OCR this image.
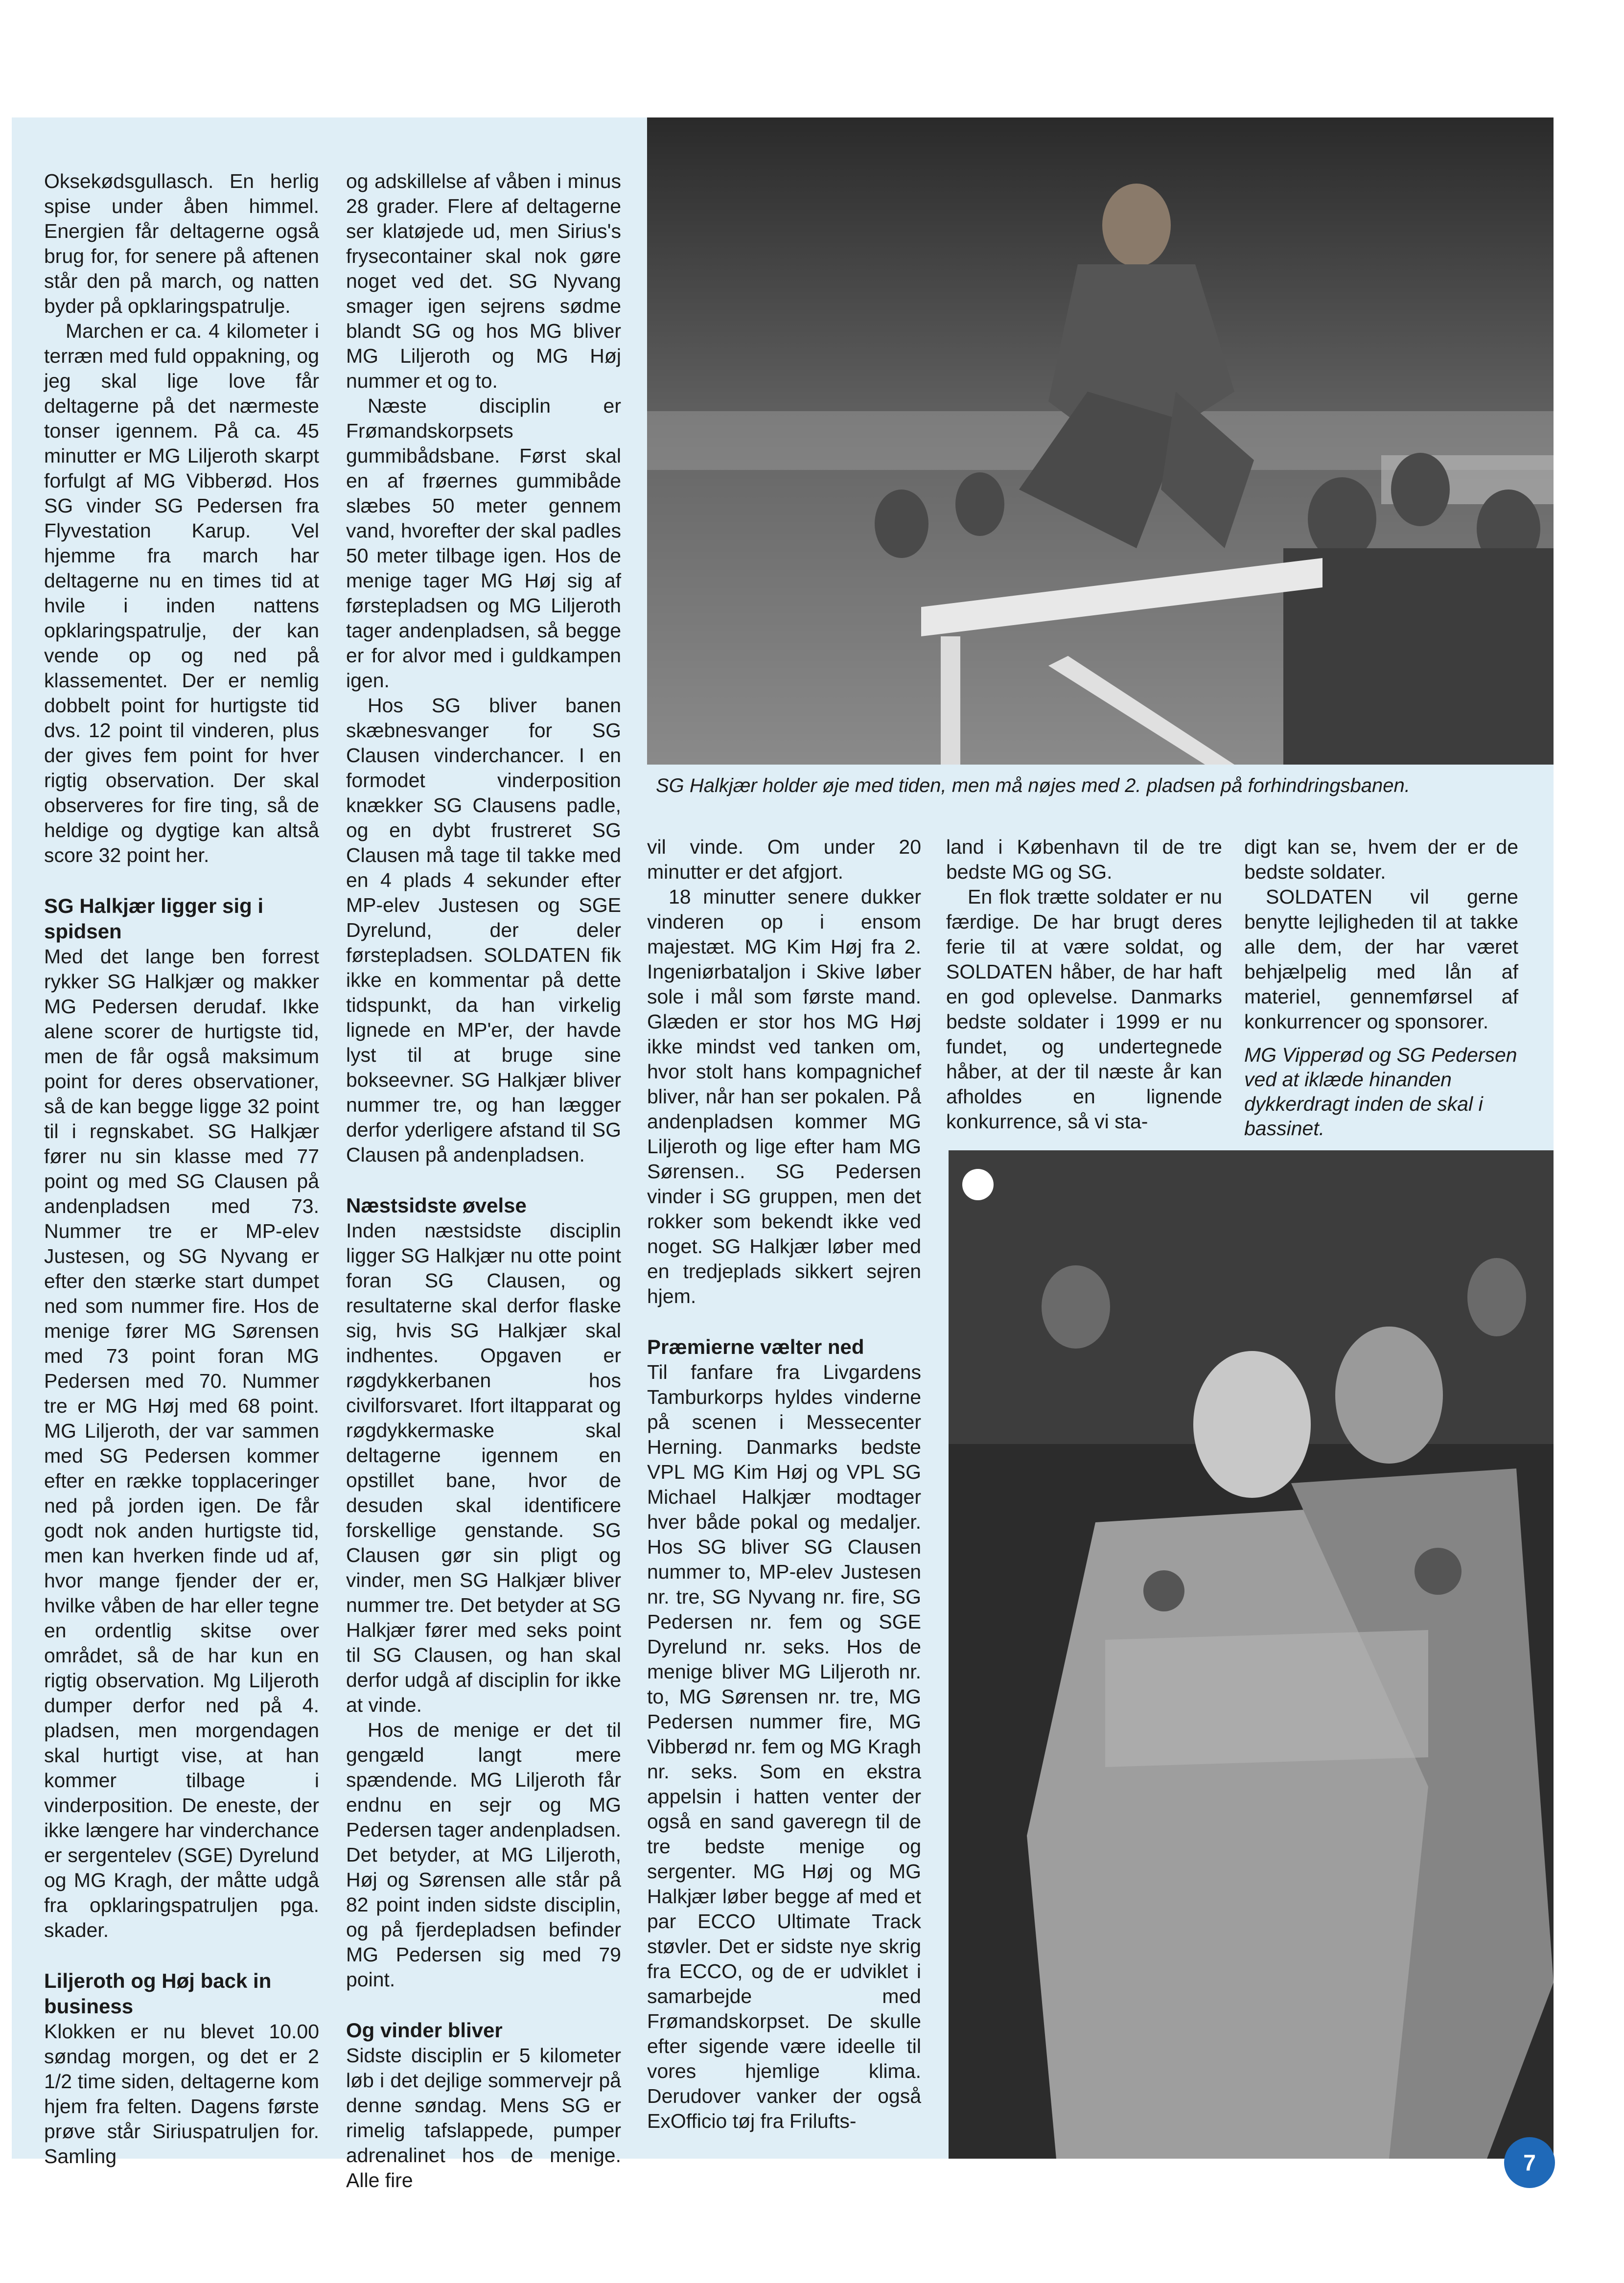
Oksekødsgullasch. En herlig spise under åben himmel. Energien får deltagerne også brug for, for senere på aftenen står den på march, og natten byder på opklaringspatrulje.

Marchen er ca. 4 kilometer i terræn med fuld oppakning, og jeg skal lige love får deltagerne på det nærmeste tonser igennem. På ca. 45 minutter er MG Liljeroth skarpt forfulgt af MG Vibberød. Hos SG vinder SG Pedersen fra Flyvestation Karup. Vel hjemme fra march har deltagerne nu en times tid at hvile i inden nattens opklaringspatrulje, der kan vende op og ned på klassementet. Der er nemlig dobbelt point for hurtigste tid dvs. 12 point til vinderen, plus der gives fem point for hver rigtig observation. Der skal observeres for fire ting, så de heldige og dygtige kan altså score 32 point her.

SG Halkjær ligger sig i spidsen

Med det lange ben forrest rykker SG Halkjær og makker MG Pedersen derudaf. Ikke alene scorer de hurtigste tid, men de får også maksimum point for deres observationer, så de kan begge ligge 32 point til i regnskabet. SG Halkjær fører nu sin klasse med 77 point og med SG Clausen på andenpladsen med 73. Nummer tre er MP-elev Justesen, og SG Nyvang er efter den stærke start dumpet ned som nummer fire. Hos de menige fører MG Sørensen med 73 point foran MG Pedersen med 70. Nummer tre er MG Høj med 68 point. MG Liljeroth, der var sammen med SG Pedersen kommer efter en række topplaceringer ned på jorden igen. De får godt nok anden hurtigste tid, men kan hverken finde ud af, hvor mange fjender der er, hvilke våben de har eller tegne en ordentlig skitse over området, så de har kun en rigtig observation. Mg Liljeroth dumper derfor ned på 4. pladsen, men morgendagen skal hurtigt vise, at han kommer tilbage i vinderposition. De eneste, der ikke længere har vinderchance er sergentelev (SGE) Dyrelund og MG Kragh, der måtte udgå fra opklaringspatruljen pga. skader.

Liljeroth og Høj back in business

Klokken er nu blevet 10.00 søndag morgen, og det er 2 1/2 time siden, deltagerne kom hjem fra felten. Dagens første prøve står Siriuspatruljen for. Samling

og adskillelse af våben i minus 28 grader. Flere af deltagerne ser klatøjede ud, men Sirius's frysecontainer skal nok gøre noget ved det. SG Nyvang smager igen sejrens sødme blandt SG og hos MG bliver MG Liljeroth og MG Høj nummer et og to.

Næste disciplin er Frømandskorpsets gummibådsbane. Først skal en af frøernes gummibåde slæbes 50 meter gennem vand, hvorefter der skal padles 50 meter tilbage igen. Hos de menige tager MG Høj sig af førstepladsen og MG Liljeroth tager andenpladsen, så begge er for alvor med i guldkampen igen.

Hos SG bliver banen skæbnesvanger for SG Clausen vinderchancer. I en formodet vinderposition knækker SG Clausens padle, og en dybt frustreret SG Clausen må tage til takke med en 4 plads 4 sekunder efter MP-elev Justesen og SGE Dyrelund, der deler førstepladsen. SOLDATEN fik ikke en kommentar på dette tidspunkt, da han virkelig lignede en MP'er, der havde lyst til at bruge sine bokseevner. SG Halkjær bliver nummer tre, og han lægger derfor yderligere afstand til SG Clausen på andenpladsen.

Næstsidste øvelse

Inden næstsidste disciplin ligger SG Halkjær nu otte point foran SG Clausen, og resultaterne skal derfor flaske sig, hvis SG Halkjær skal indhentes. Opgaven er røgdykkerbanen hos civilforsvaret. Ifort iltapparat og røgdykkermaske skal deltagerne igennem en opstillet bane, hvor de desuden skal identificere forskellige genstande. SG Clausen gør sin pligt og vinder, men SG Halkjær bliver nummer tre. Det betyder at SG Halkjær fører med seks point til SG Clausen, og han skal derfor udgå af disciplin for ikke at vinde.

Hos de menige er det til gengæld langt mere spændende. MG Liljeroth får endnu en sejr og MG Pedersen tager andenpladsen. Det betyder, at MG Liljeroth, Høj og Sørensen alle står på 82 point inden sidste disciplin, og på fjerdepladsen befinder MG Pedersen sig med 79 point.

Og vinder bliver

Sidste disciplin er 5 kilometer løb i det dejlige sommervejr på denne søndag. Mens SG er rimelig tafslappede, pumper adrenalinet hos de menige. Alle fire

SG Halkjær holder øje med tiden, men må nøjes med 2. pladsen på forhindringsbanen.

vil vinde. Om under 20 minutter er det afgjort.

18 minutter senere dukker vinderen op i ensom majestæt. MG Kim Høj fra 2. Ingeniørbataljon i Skive løber sole i mål som første mand. Glæden er stor hos MG Høj ikke mindst ved tanken om, hvor stolt hans kompagnichef bliver, når han ser pokalen. På andenpladsen kommer MG Liljeroth og lige efter ham MG Sørensen.. SG Pedersen vinder i SG gruppen, men det rokker som bekendt ikke ved noget. SG Halkjær løber med en tredjeplads sikkert sejren hjem.

Præmierne vælter ned

Til fanfare fra Livgardens Tamburkorps hyldes vinderne på scenen i Messecenter Herning. Danmarks bedste VPL MG Kim Høj og VPL SG Michael Halkjær modtager hver både pokal og medaljer. Hos SG bliver SG Clausen nummer to, MP-elev Justesen nr. tre, SG Nyvang nr. fire, SG Pedersen nr. fem og SGE Dyrelund nr. seks. Hos de menige bliver MG Liljeroth nr. to, MG Sørensen nr. tre, MG Pedersen nummer fire, MG Vibberød nr. fem og MG Kragh nr. seks. Som en ekstra appelsin i hatten venter der også en sand gaveregn til de tre bedste menige og sergenter. MG Høj og MG Halkjær løber begge af med et par ECCO Ultimate Track støvler. Det er sidste nye skrig fra ECCO, og de er udviklet i samarbejde med Frømandskorpset. De skulle efter sigende være ideelle til vores hjemlige klima. Derudover vanker der også ExOfficio tøj fra Frilufts-

land i København til de tre bedste MG og SG.

En flok trætte soldater er nu færdige. De har brugt deres ferie til at være soldat, og SOLDATEN håber, de har haft en god oplevelse. Danmarks bedste soldater i 1999 er nu fundet, og undertegnede håber, at der til næste år kan afholdes en lignende konkurrence, så vi sta-

digt kan se, hvem der er de bedste soldater.

SOLDATEN vil gerne benytte lejligheden til at takke alle dem, der har været behjælpelig med lån af materiel, gennemførsel af konkurrencer og sponsorer.

MG Vipperød og SG Pedersen ved at iklæde hinanden dykkerdragt inden de skal i bassinet.
7
